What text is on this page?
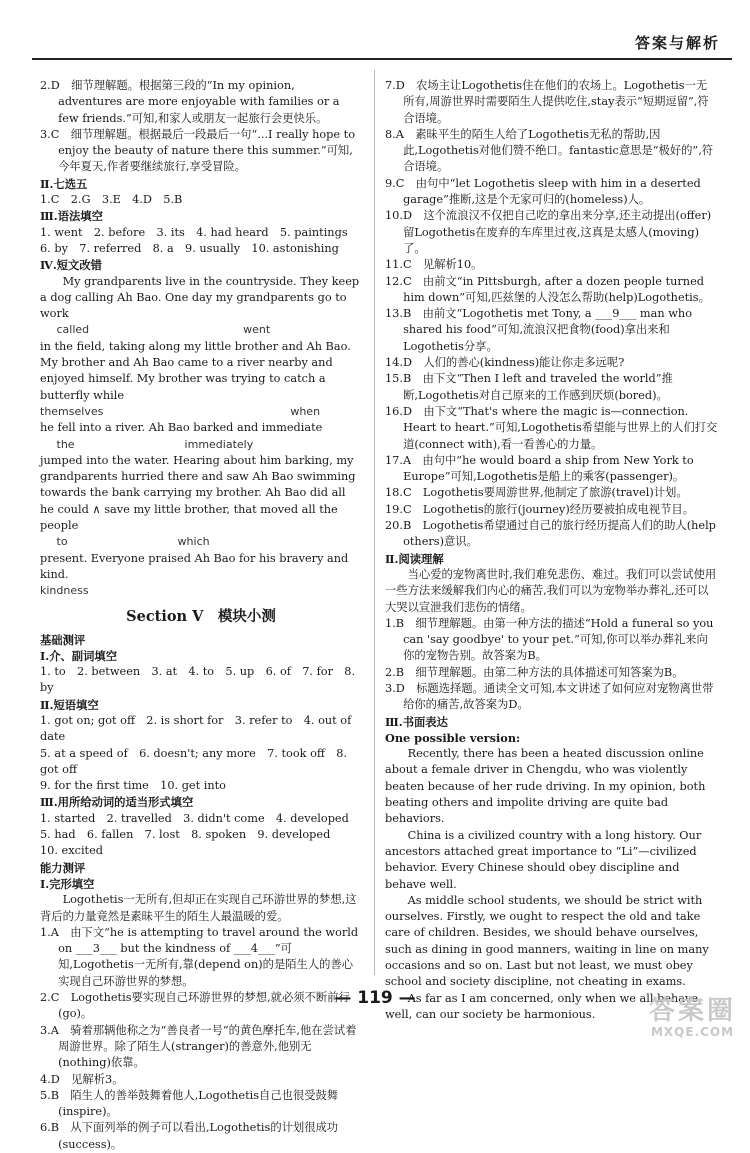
答案与解析

2.D　细节理解题。根据第三段的“In my opinion, adventures are more enjoyable with families or a few friends.”可知,和家人或朋友一起旅行会更快乐。

3.C　细节理解题。根据最后一段最后一句“...I really hope to enjoy the beauty of nature there this summer.”可知,今年夏天,作者要继续旅行,享受冒险。

Ⅱ.七选五

1.C　2.G　3.E　4.D　5.B

Ⅲ.语法填空

1. went　2. before　3. its　4. had heard　5. paintings

6. by　7. referred　8. a　9. usually　10. astonishing

Ⅳ.短文改错

My grandparents live in the countryside. They keep a dog calling Ah Bao. One day my grandparents go to work

called　　　　　　　　　　　　　　went

in the field, taking along my little brother and Ah Bao. My brother and Ah Bao came to a river nearby and enjoyed himself. My brother was trying to catch a butterfly while

themselves　　　　　　　　　　　　　　　　　when

he fell into a river. Ah Bao barked and immediate

the　　　　　　　　　　immediately

jumped into the water. Hearing about him barking, my grandparents hurried there and saw Ah Bao swimming towards the bank carrying my brother. Ah Bao did all he could ∧ save my little brother, that moved all the people

to　　　　　　　　　　which

present. Everyone praised Ah Bao for his bravery and kind.

kindness

Section Ⅴ　模块小测

基础测评

Ⅰ.介、副词填空

1. to　2. between　3. at　4. to　5. up　6. of　7. for　8. by

Ⅱ.短语填空

1. got on; got off　2. is short for　3. refer to　4. out of date

5. at a speed of　6. doesn't; any more　7. took off　8. got off

9. for the first time　10. get into

Ⅲ.用所给动词的适当形式填空

1. started　2. travelled　3. didn't come　4. developed

5. had　6. fallen　7. lost　8. spoken　9. developed

10. excited

能力测评

Ⅰ.完形填空

Logothetis一无所有,但却正在实现自己环游世界的梦想,这背后的力量竟然是素昧平生的陌生人最温暖的爱。

1.A　由下文“he is attempting to travel around the world on ___3___ but the kindness of ___4___”可知,Logothetis一无所有,靠(depend on)的是陌生人的善心实现自己环游世界的梦想。

2.C　Logothetis要实现自己环游世界的梦想,就必须不断前行(go)。

3.A　骑着那辆他称之为“善良者一号”的黄色摩托车,他在尝试着周游世界。除了陌生人(stranger)的善意外,他别无(nothing)依靠。

4.D　见解析3。

5.B　陌生人的善举鼓舞着他人,Logothetis自己也很受鼓舞(inspire)。

6.B　从下面列举的例子可以看出,Logothetis的计划很成功(success)。

7.D　农场主让Logothetis住在他们的农场上。Logothetis一无所有,周游世界时需要陌生人提供吃住,stay表示“短期逗留”,符合语境。

8.A　素昧平生的陌生人给了Logothetis无私的帮助,因此,Logothetis对他们赞不绝口。fantastic意思是“极好的”,符合语境。

9.C　由句中“let Logothetis sleep with him in a deserted garage”推断,这是个无家可归的(homeless)人。

10.D　这个流浪汉不仅把自己吃的拿出来分享,还主动提出(offer)留Logothetis在废弃的车库里过夜,这真是太感人(moving)了。

11.C　见解析10。

12.C　由前文“in Pittsburgh, after a dozen people turned him down”可知,匹兹堡的人没怎么帮助(help)Logothetis。

13.B　由前文“Logothetis met Tony, a ___9___ man who shared his food”可知,流浪汉把食物(food)拿出来和Logothetis分享。

14.D　人们的善心(kindness)能让你走多远呢?

15.B　由下文“Then I left and traveled the world”推断,Logothetis对自己原来的工作感到厌烦(bored)。

16.D　由下文“That's where the magic is—connection. Heart to heart.”可知,Logothetis希望能与世界上的人们打交道(connect with),看一看善心的力量。

17.A　由句中“he would board a ship from New York to Europe”可知,Logothetis是船上的乘客(passenger)。

18.C　Logothetis要周游世界,他制定了旅游(travel)计划。

19.C　Logothetis的旅行(journey)经历要被拍成电视节目。

20.B　Logothetis希望通过自己的旅行经历提高人们的助人(help others)意识。

Ⅱ.阅读理解

当心爱的宠物离世时,我们难免悲伤、难过。我们可以尝试使用一些方法来缓解我们内心的痛苦,我们可以为宠物举办葬礼,还可以大哭以宣泄我们悲伤的情绪。

1.B　细节理解题。由第一种方法的描述“Hold a funeral so you can 'say goodbye' to your pet.”可知,你可以举办葬礼来向你的宠物告别。故答案为B。

2.B　细节理解题。由第二种方法的具体描述可知答案为B。

3.D　标题选择题。通读全文可知,本文讲述了如何应对宠物离世带给你的痛苦,故答案为D。

Ⅲ.书面表达

One possible version:

Recently, there has been a heated discussion online about a female driver in Chengdu, who was violently beaten because of her rude driving. In my opinion, both beating others and impolite driving are quite bad behaviors.

China is a civilized country with a long history. Our ancestors attached great importance to “Li”—civilized behavior. Every Chinese should obey discipline and behave well.

As middle school students, we should be strict with ourselves. Firstly, we ought to respect the old and take care of children. Besides, we should behave ourselves, such as dining in good manners, waiting in line on many occasions and so on. Last but not least, we must obey school and society discipline, not cheating in exams.

As far as I am concerned, only when we all behave well, can our society be harmonious.

— 119 —	答案圈
MXQE.COM
